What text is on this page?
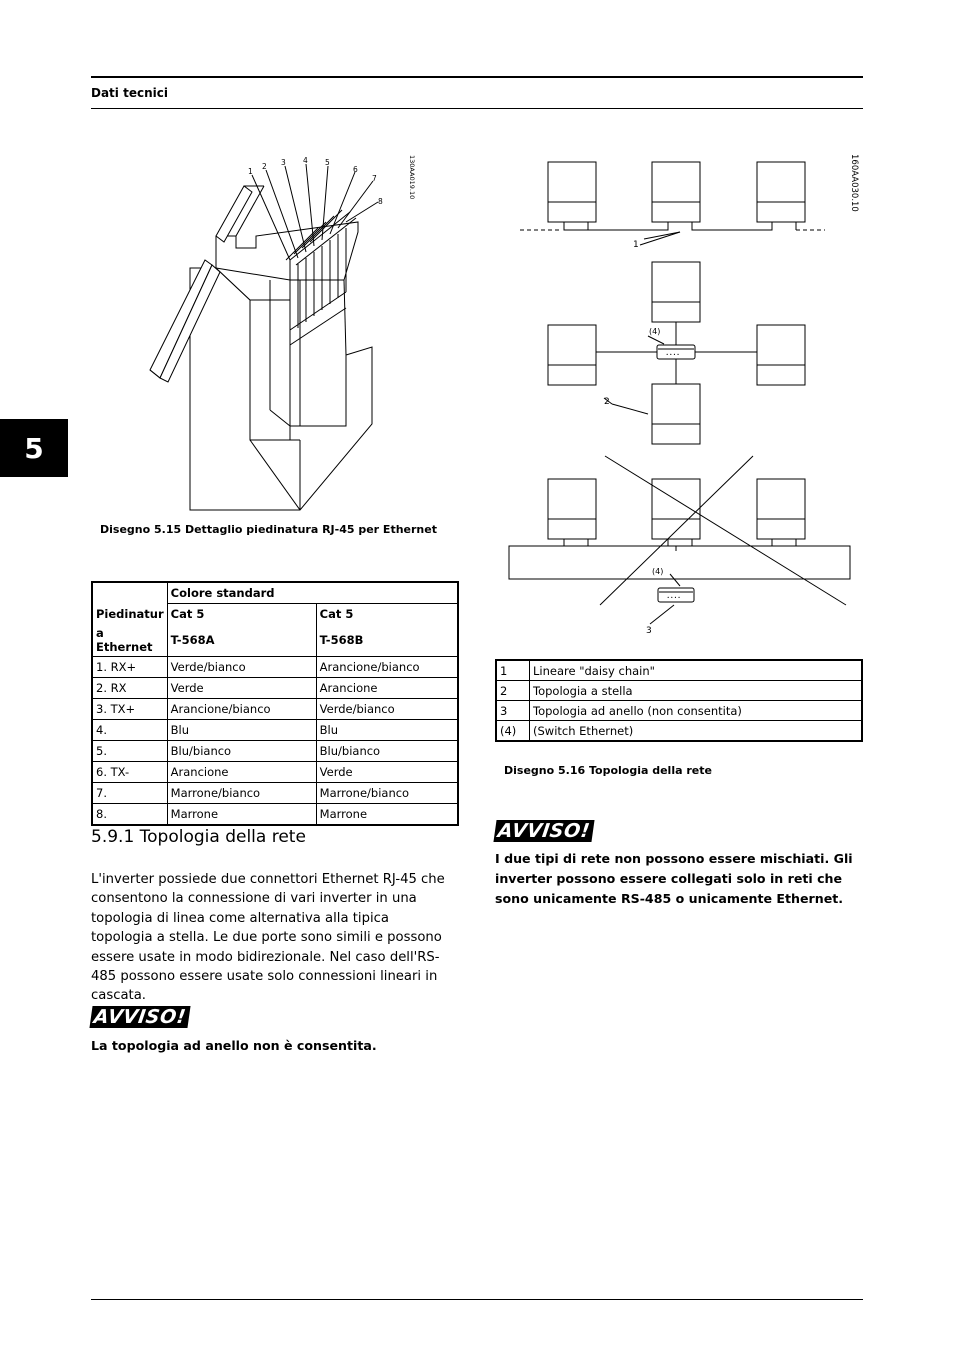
Dati tecnici
5
1
2 3 4 5
6
7
8
130AA019.10
Disegno 5.15 Dettaglio piedinatura RJ-45 per Ethernet
	Colore standard	
Piedinatur	Cat 5	Cat 5
a Ethernet	T-568A	T-568B
1. RX+	Verde/bianco	Arancione/bianco
2. RX	Verde	Arancione
3. TX+	Arancione/bianco	Verde/bianco
4.	Blu	Blu
5.	Blu/bianco	Blu/bianco
6. TX-	Arancione	Verde
7.	Marrone/bianco	Marrone/bianco
8.	Marrone	Marrone
1
• • • •
(4)
2
• • • •
(4)
3
160AA030.10
1	Lineare "daisy chain"
2	Topologia a stella
3	Topologia ad anello (non consentita)
(4)	(Switch Ethernet)
Disegno 5.16 Topologia della rete
5.9.1 Topologia della rete
L'inverter possiede due connettori Ethernet RJ-45 che consentono la connessione di vari inverter in una topologia di linea come alternativa alla tipica topologia a stella. Le due porte sono simili e possono essere usate in modo bidirezionale. Nel caso dell'RS-485 possono essere usate solo connessioni lineari in cascata.
AVVISO!
La topologia ad anello non è consentita.
AVVISO!
I due tipi di rete non possono essere mischiati. Gli inverter possono essere collegati solo in reti che sono unicamente RS-485 o unicamente Ethernet.
